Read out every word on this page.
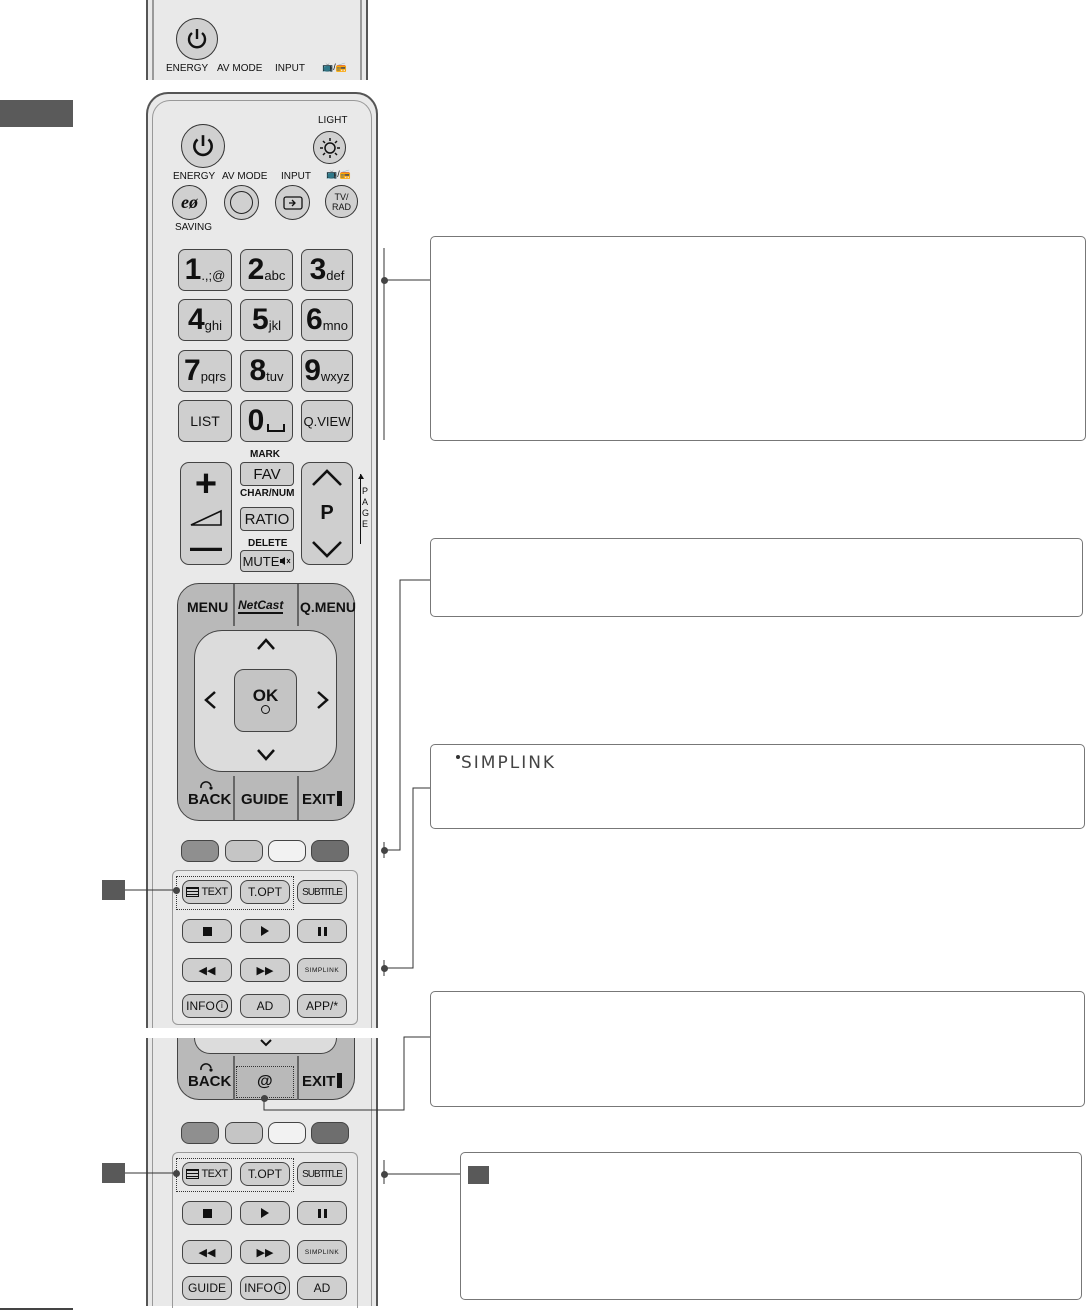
ENERGY AV MODE INPUT 📺/📻
LIGHT
ENERGY AV MODE INPUT 📺/📻
eø
SAVING
TV/
RAD
1 .,;@ 2 abc 3 def
4 ghi 5 jkl 6 mno
7 pqrs 8 tuv 9 wxyz
LIST 0	Q.VIEW
+
—
MARK
FAV
CHAR/NUM
RATIO
DELETE
MUTE
P
P
A
G
E
MENU NetCast Q.MENU
OK
BACK GUIDE EXIT
TEXT	T.OPT	SUBTITLE
◀◀	▶▶	SIMPLINK
INFO i	AD	APP/*
BACK @ EXIT
TEXT	T.OPT	SUBTITLE
◀◀	▶▶	SIMPLINK
GUIDE	INFO i	AD
SIMPLINK
